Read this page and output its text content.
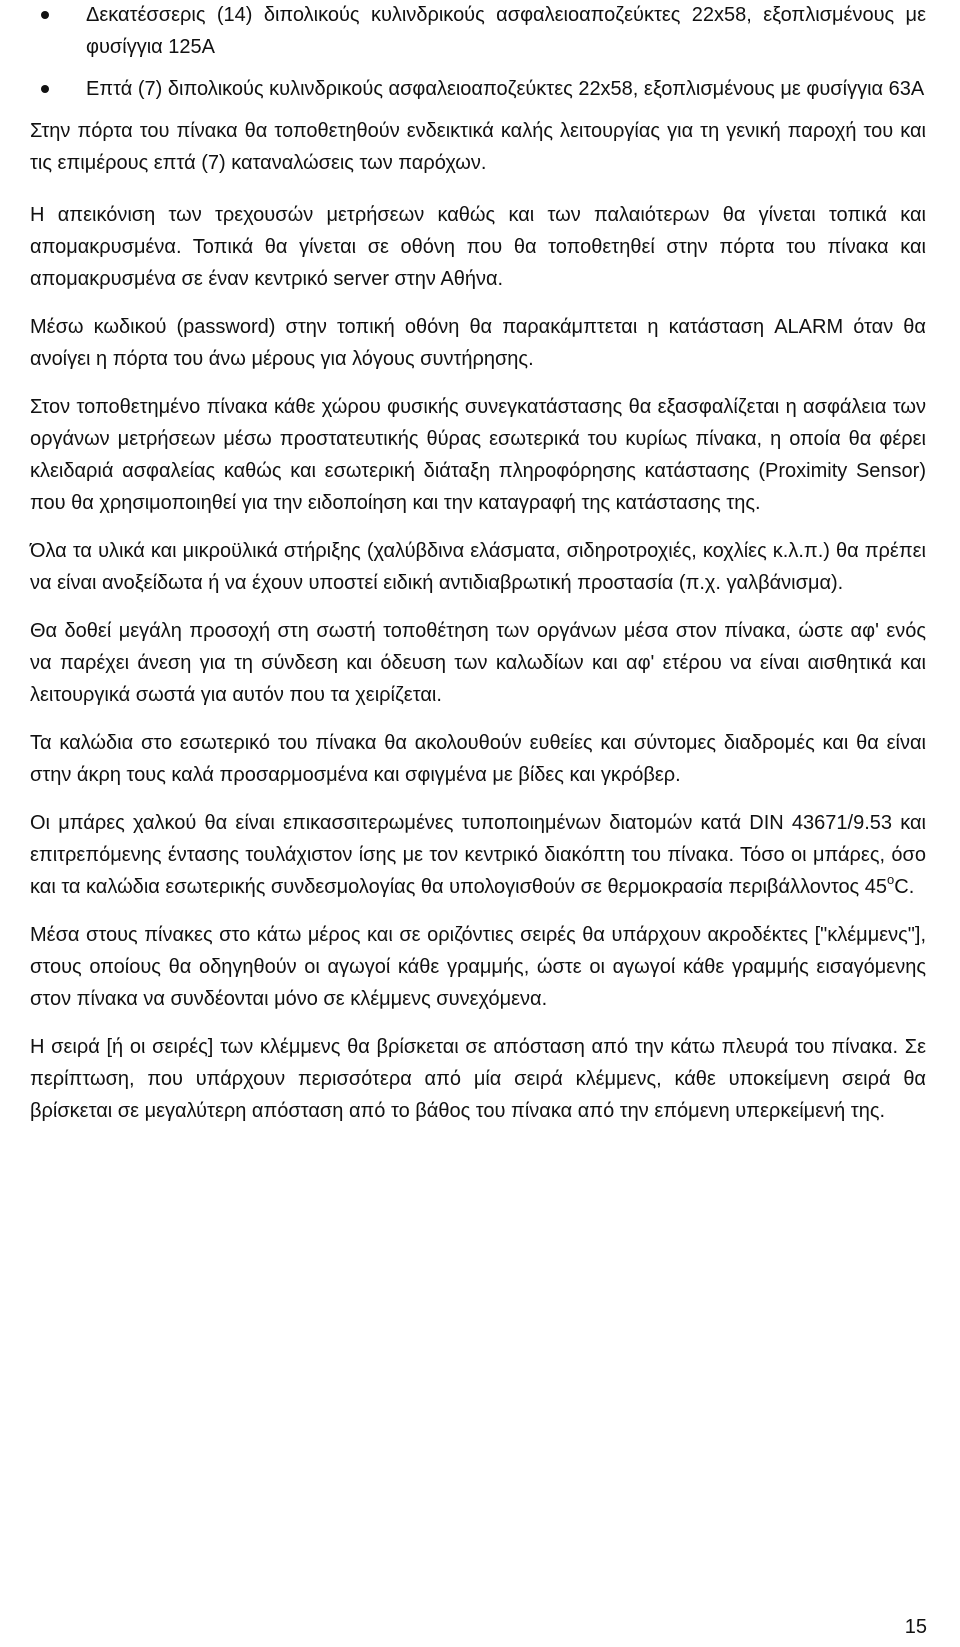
Δεκατέσσερις (14) διπολικούς κυλινδρικούς ασφαλειοαποζεύκτες 22x58, εξοπλισμένους με φυσίγγια 125Α
Επτά (7) διπολικούς κυλινδρικούς ασφαλειοαποζεύκτες 22x58, εξοπλισμένους με φυσίγγια 63Α

Στην πόρτα του πίνακα θα τοποθετηθούν ενδεικτικά καλής λειτουργίας για τη γενική παροχή του και τις επιμέρους επτά (7) καταναλώσεις των παρόχων.

Η απεικόνιση των τρεχουσών μετρήσεων καθώς και των παλαιότερων θα γίνεται τοπικά και απομακρυσμένα. Τοπικά θα γίνεται σε οθόνη που θα τοποθετηθεί στην πόρτα του πίνακα και απομακρυσμένα σε έναν κεντρικό server στην Αθήνα.

Μέσω κωδικού (password) στην τοπική οθόνη θα παρακάμπτεται η κατάσταση ALARM όταν θα ανοίγει η πόρτα του άνω μέρους για λόγους συντήρησης.

Στον τοποθετημένο πίνακα κάθε χώρου φυσικής συνεγκατάστασης θα εξασφαλίζεται η ασφάλεια των οργάνων μετρήσεων μέσω προστατευτικής θύρας εσωτερικά του κυρίως πίνακα, η οποία θα φέρει κλειδαριά ασφαλείας καθώς και εσωτερική διάταξη πληροφόρησης κατάστασης (Proximity Sensor) που θα χρησιμοποιηθεί για την ειδοποίηση και την καταγραφή της κατάστασης της.

Όλα τα υλικά και μικροϋλικά στήριξης (χαλύβδινα ελάσματα, σιδηροτροχιές, κοχλίες κ.λ.π.) θα πρέπει να είναι ανοξείδωτα ή να έχουν υποστεί ειδική αντιδιαβρωτική προστασία (π.χ. γαλβάνισμα).

Θα δοθεί μεγάλη προσοχή στη σωστή τοποθέτηση των οργάνων μέσα στον πίνακα, ώστε αφ' ενός να παρέχει άνεση για τη σύνδεση και όδευση των καλωδίων και αφ' ετέρου να είναι αισθητικά και λειτουργικά σωστά για αυτόν που τα χειρίζεται.

Τα καλώδια στο εσωτερικό του πίνακα θα ακολουθούν ευθείες και σύντομες διαδρομές και θα είναι στην άκρη τους καλά προσαρμοσμένα και σφιγμένα με βίδες και γκρόβερ.

Οι μπάρες χαλκού θα είναι επικασσιτερωμένες τυποποιημένων διατομών κατά DIN 43671/9.53 και επιτρεπόμενης έντασης τουλάχιστον ίσης με τον κεντρικό διακόπτη του πίνακα. Τόσο οι μπάρες, όσο και τα καλώδια εσωτερικής συνδεσμολογίας θα υπολογισθούν σε θερμοκρασία περιβάλλοντος $45^oC$.

Μέσα στους πίνακες στο κάτω μέρος και σε οριζόντιες σειρές θα υπάρχουν ακροδέκτες ["κλέμμενς"], στους οποίους θα οδηγηθούν οι αγωγοί κάθε γραμμής, ώστε οι αγωγοί κάθε γραμμής εισαγόμενης στον πίνακα να συνδέονται μόνο σε κλέμμενς συνεχόμενα.

Η σειρά [ή οι σειρές] των κλέμμενς θα βρίσκεται σε απόσταση από την κάτω πλευρά του πίνακα. Σε περίπτωση, που υπάρχουν περισσότερα από μία σειρά κλέμμενς, κάθε υποκείμενη σειρά θα βρίσκεται σε μεγαλύτερη απόσταση από το βάθος του πίνακα από την επόμενη υπερκείμενή της.

15
